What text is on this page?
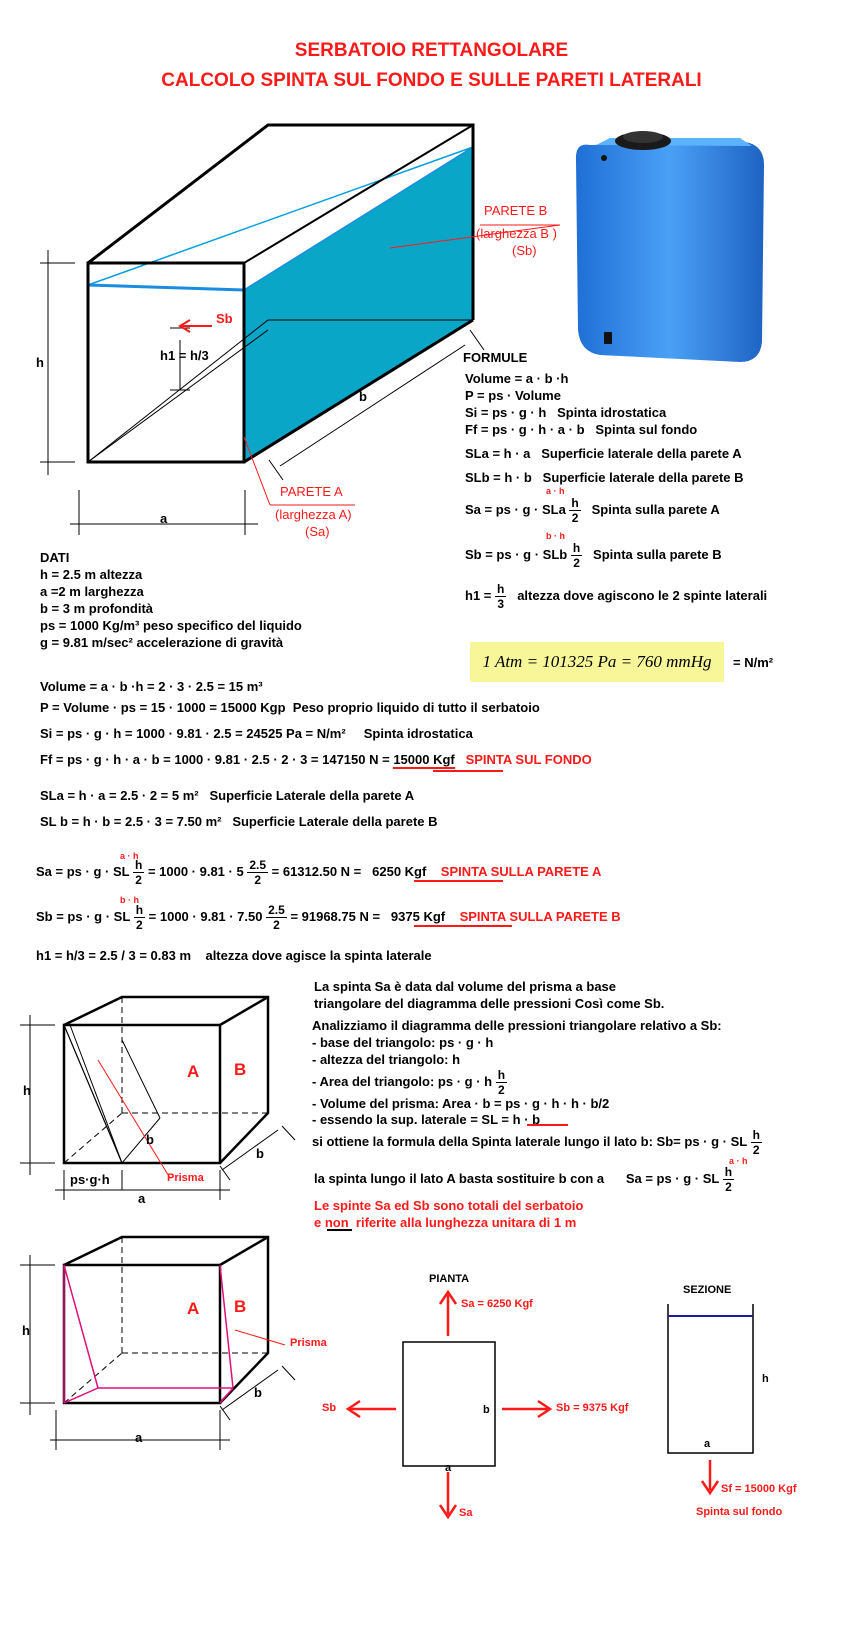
SERBATOIO RETTANGOLARE
CALCOLO SPINTA SUL FONDO E SULLE PARETI LATERALI
PARETE B
(larghezza B )
(Sb)
PARETE A
(larghezza A)
(Sa)
h	h1 = h/3
b
a
Sb
FORMULE
Volume = a · b ·h
P = ps · Volume
Si = ps · g · h Spinta idrostatica
Ff = ps · g · h · a · b Spinta sul fondo
SLa = h · a Superficie laterale della parete A
SLb = h · b Superficie laterale della parete B
a · h
Sa = ps · g · SLa $\frac{h}{2}$ Spinta sulla parete A
b · h
Sb = ps · g · SLb $\frac{h}{2}$ Spinta sulla parete B
$h1 = \frac{h}{3}$ altezza dove agiscono le 2 spinte laterali
DATI
h = 2.5 m altezza
a =2 m larghezza
b = 3 m profondità
ps = 1000 Kg/m³ peso specifico del liquido
g = 9.81 m/sec² accelerazione di gravità
1 Atm = 101325 Pa = 760 mmHg	= N/m²
Volume = a · b ·h = 2 · 3 · 2.5 = 15 m³
P = Volume · ps = 15 · 1000 = 15000 Kgp Peso proprio liquido di tutto il serbatoio
Si = ps · g · h = 1000 · 9.81 · 2.5 = 24525 Pa = N/m² Spinta idrostatica
Ff = ps · g · h · a · b = 1000 · 9.81 · 2.5 · 2 · 3 = 147150 N = 15000 Kgf SPINTA SUL FONDO
SLa = h · a = 2.5 · 2 = 5 m² Superficie Laterale della parete A
SL b = h · b = 2.5 · 3 = 7.50 m² Superficie Laterale della parete B
a · h
Sa = ps · g · SL $\frac{h}{2} = 1000 \cdot 9.81 \cdot 5 \frac{2.5}{2} = 61312.50$ N = 6250 Kgf SPINTA SULLA PARETE A
b · h
Sb = ps · g · SL $\frac{h}{2} = 1000 \cdot 9.81 \cdot 7.50 \frac{2.5}{2} = 91968.75$ N = 9375 Kgf SPINTA SULLA PARETE B
h1 = h/3 = 2.5 / 3 = 0.83 m altezza dove agisce la spinta laterale
La spinta Sa è data dal volume del prisma a base
triangolare del diagramma delle pressioni Così come Sb.
Analizziamo il diagramma delle pressioni triangolare relativo a Sb:
- base del triangolo: ps · g · h
- altezza del triangolo: h
- Area del triangolo: ps · g · h $\frac{h}{2}$
- Volume del prisma: Area · b = ps · g · h · h · b/2
- essendo la sup. laterale = SL = h · b
si ottiene la formula della Spinta laterale lungo il lato b: Sb= ps · g · SL $\frac{h}{2}$
a · h
la spinta lungo il lato A basta sostituire b con a Sa = ps · g · SL $\frac{h}{2}$
Le spinte Sa ed Sb sono totali del serbatoio
e non riferite alla lunghezza unitara di 1 m
h
A B
b
b
ps·g·h
a
Prisma
h
A B
b
a
Prisma
PIANTA
Sa = 6250 Kgf
Sb = 9375 Kgf
Sb
Sa
b
a
SEZIONE
h
a
Sf = 15000 Kgf
Spinta sul fondo
